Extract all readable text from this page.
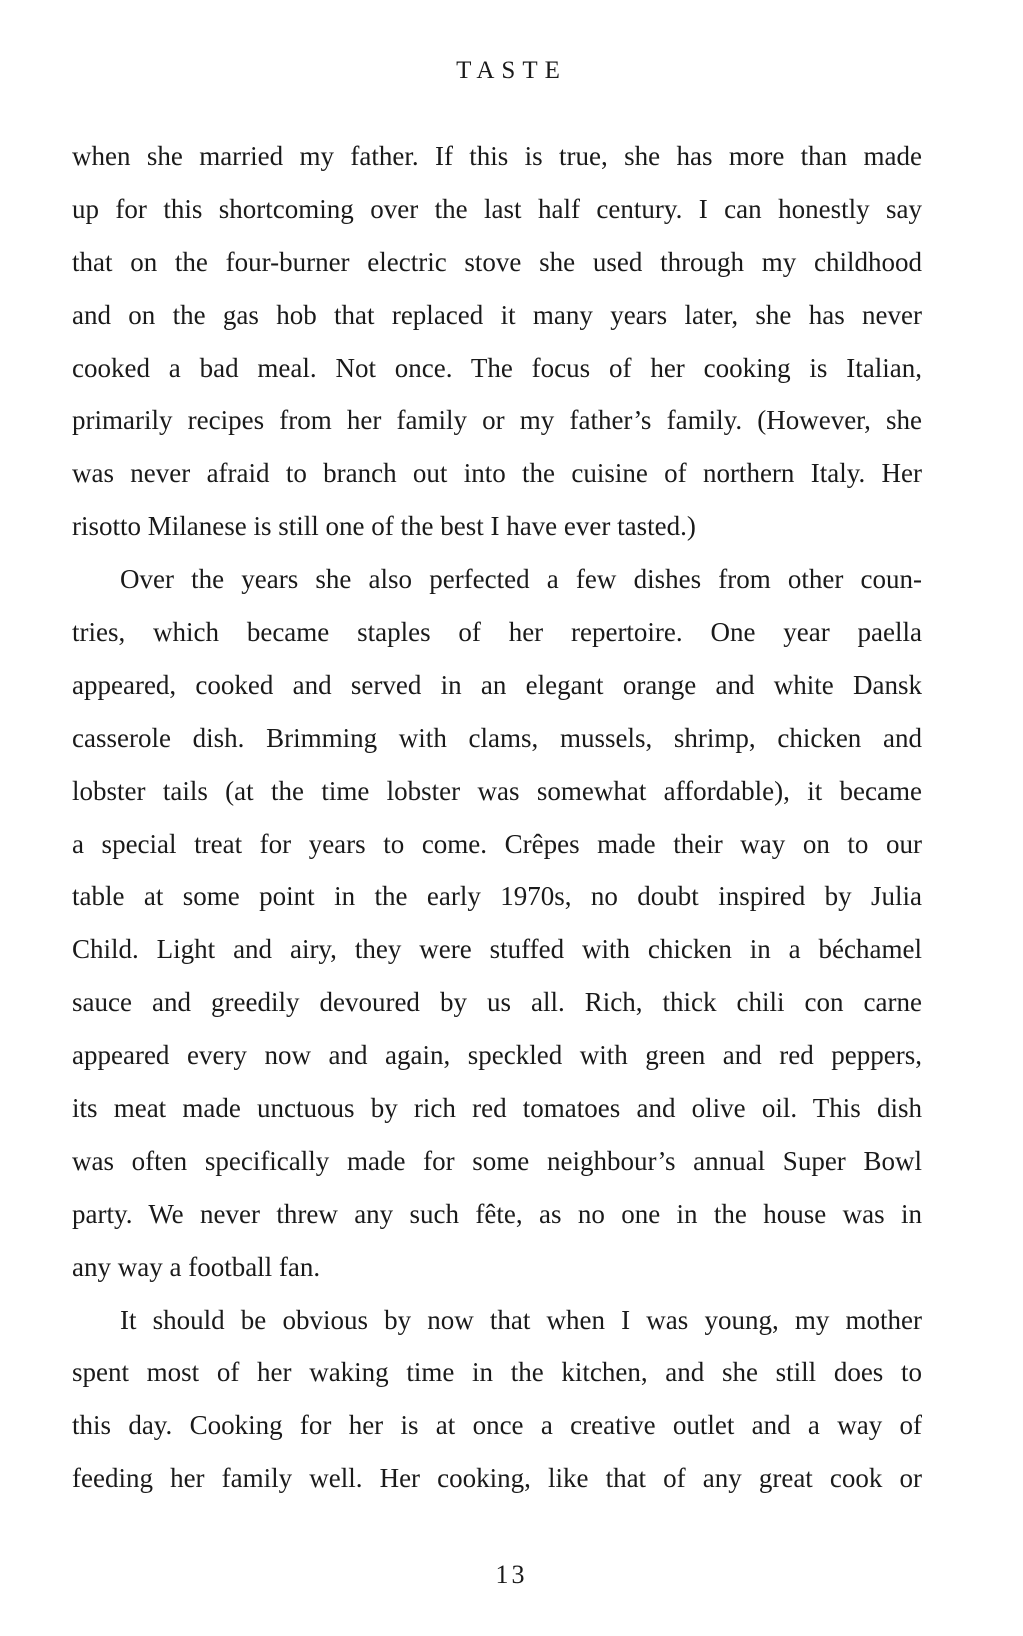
TASTE
when she married my father. If this is true, she has more than made
up for this shortcoming over the last half century. I can honestly say
that on the four-burner electric stove she used through my childhood
and on the gas hob that replaced it many years later, she has never
cooked a bad meal. Not once. The focus of her cooking is Italian,
primarily recipes from her family or my father’s family. (However, she
was never afraid to branch out into the cuisine of northern Italy. Her
risotto Milanese is still one of the best I have ever tasted.)
Over the years she also perfected a few dishes from other coun-
tries, which became staples of her repertoire. One year paella
appeared, cooked and served in an elegant orange and white Dansk
casserole dish. Brimming with clams, mussels, shrimp, chicken and
lobster tails (at the time lobster was somewhat affordable), it became
a special treat for years to come. Crêpes made their way on to our
table at some point in the early 1970s, no doubt inspired by Julia
Child. Light and airy, they were stuffed with chicken in a béchamel
sauce and greedily devoured by us all. Rich, thick chili con carne
appeared every now and again, speckled with green and red peppers,
its meat made unctuous by rich red tomatoes and olive oil. This dish
was often specifically made for some neighbour’s annual Super Bowl
party. We never threw any such fête, as no one in the house was in
any way a football fan.
It should be obvious by now that when I was young, my mother
spent most of her waking time in the kitchen, and she still does to
this day. Cooking for her is at once a creative outlet and a way of
feeding her family well. Her cooking, like that of any great cook or
13
